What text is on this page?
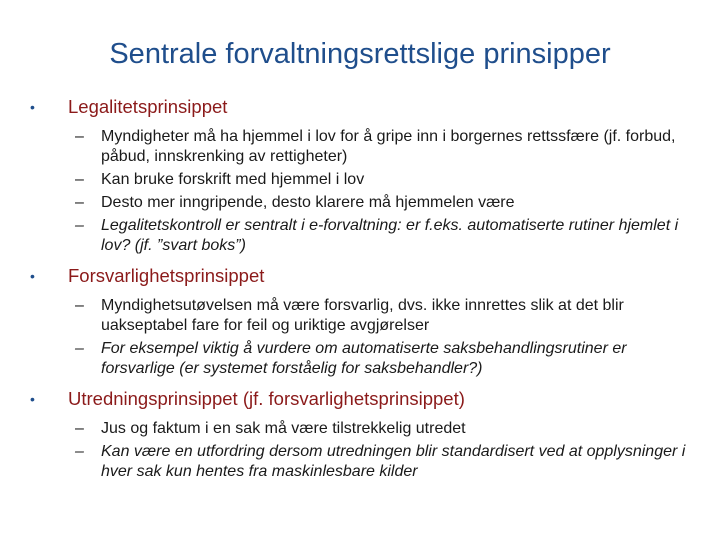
Sentrale forvaltningsrettslige prinsipper
• Legalitetsprinsippet
– Myndigheter må ha hjemmel i lov for å gripe inn i borgernes rettssfære (jf. forbud, påbud, innskrenking av rettigheter)
– Kan bruke forskrift med hjemmel i lov
– Desto mer inngripende, desto klarere må hjemmelen være
– Legalitetskontroll er sentralt i e-forvaltning: er f.eks. automatiserte rutiner hjemlet i lov? (jf. ”svart boks”)
• Forsvarlighetsprinsippet
– Myndighetsutøvelsen må være forsvarlig, dvs. ikke innrettes slik at det blir uakseptabel fare for feil og uriktige avgjørelser
– For eksempel viktig å vurdere om automatiserte saksbehandlingsrutiner er forsvarlige (er systemet forståelig for saksbehandler?)
• Utredningsprinsippet (jf. forsvarlighetsprinsippet)
– Jus og faktum i en sak må være tilstrekkelig utredet
– Kan være en utfordring dersom utredningen blir standardisert ved at opplysninger i hver sak kun hentes fra maskinlesbare kilder
